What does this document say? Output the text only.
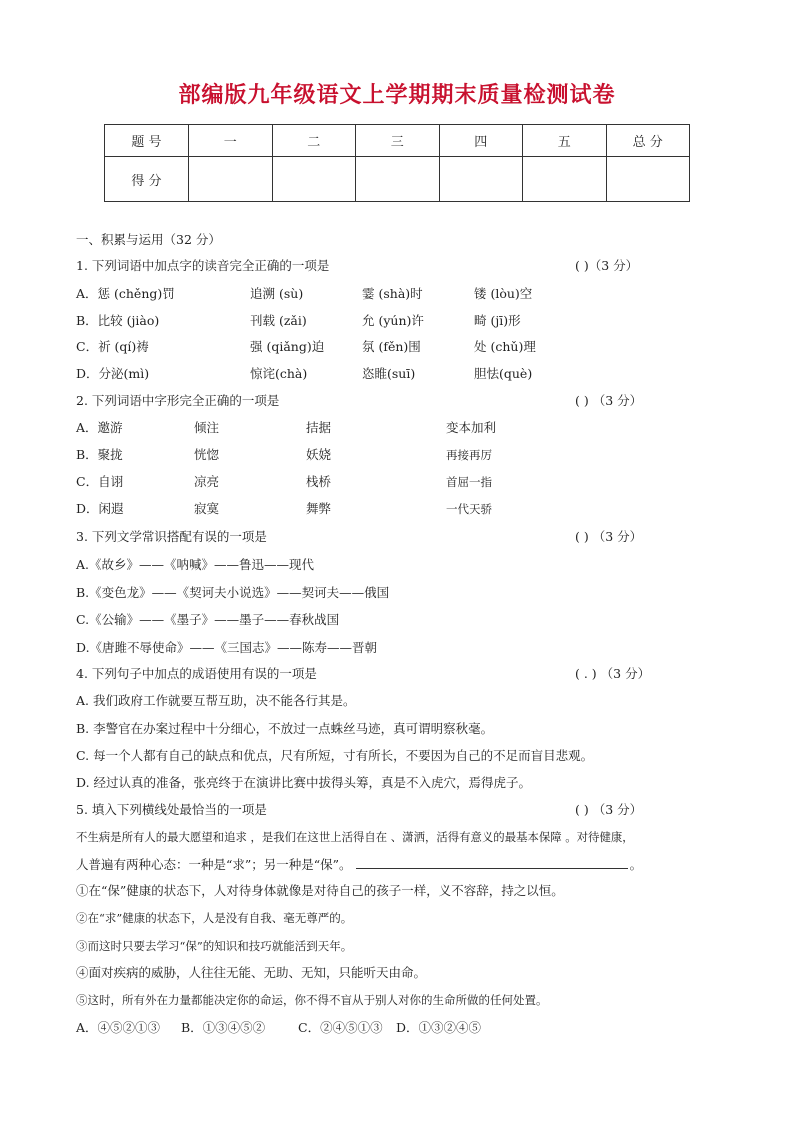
部编版九年级语文上学期期末质量检测试卷
题 号	一	二	三	四	五	总 分
得 分						
一、积累与运用（32 分）
1. 下列词语中加点字的读音完全正确的一项是	( )（3 分）
A．惩 (chěng)罚	追溯 (sù)	霎 (shà)时	镂 (lòu)空
B．比较 (jiào)	刊载 (zǎi)	允 (yún)许	畸 (jī)形
C．祈 (qí)祷	强 (qiǎng)迫	氛 (fěn)围	处 (chǔ)理
D．分泌(mì)	惊诧(chà)	恣睢(suī)	胆怯(què)
2. 下列词语中字形完全正确的一项是	( ) （3 分）
A．邀游	倾注	拮据	变本加利
B．聚拢	恍惚	妖娆	再接再厉
C．自诩	凉亮	栈桥	首屈一指
D．闲遐	寂寞	舞弊	一代天骄
3. 下列文学常识搭配有误的一项是	( ) （3 分）
A.《故乡》——《呐喊》——鲁迅——现代
B.《变色龙》——《契诃夫小说选》——契诃夫——俄国
C.《公输》——《墨子》——墨子——春秋战国
D.《唐雎不辱使命》——《三国志》——陈寿——晋朝
4. 下列句子中加点的成语使用有误的一项是	( . ) （3 分）
A. 我们政府工作就要互帮互助，决不能各行其是。
B. 李警官在办案过程中十分细心，不放过一点蛛丝马迹，真可谓明察秋毫。
C. 每一个人都有自己的缺点和优点，尺有所短，寸有所长，不要因为自己的不足而盲目悲观。
D. 经过认真的准备，张亮终于在演讲比赛中拔得头筹，真是不入虎穴，焉得虎子。
5. 填入下列横线处最恰当的一项是	( ) （3 分）
不生病是所有人的最大愿望和追求 ，是我们在这世上活得自在 、潇洒，活得有意义的最基本保障 。对待健康，
人普遍有两种心态：一种是“求”；另一种是“保”。	。
①在“保”健康的状态下，人对待身体就像是对待自己的孩子一样，义不容辞，持之以恒。
②在“求”健康的状态下，人是没有自我、毫无尊严的。
③而这时只要去学习“保”的知识和技巧就能活到天年。
④面对疾病的威胁，人往往无能、无助、无知，只能听天由命。
⑤这时，所有外在力量都能决定你的命运，你不得不盲从于别人对你的生命所做的任何处置。
A．④⑤②①③ B．①③④⑤②	C．②④⑤①③ D．①③②④⑤
